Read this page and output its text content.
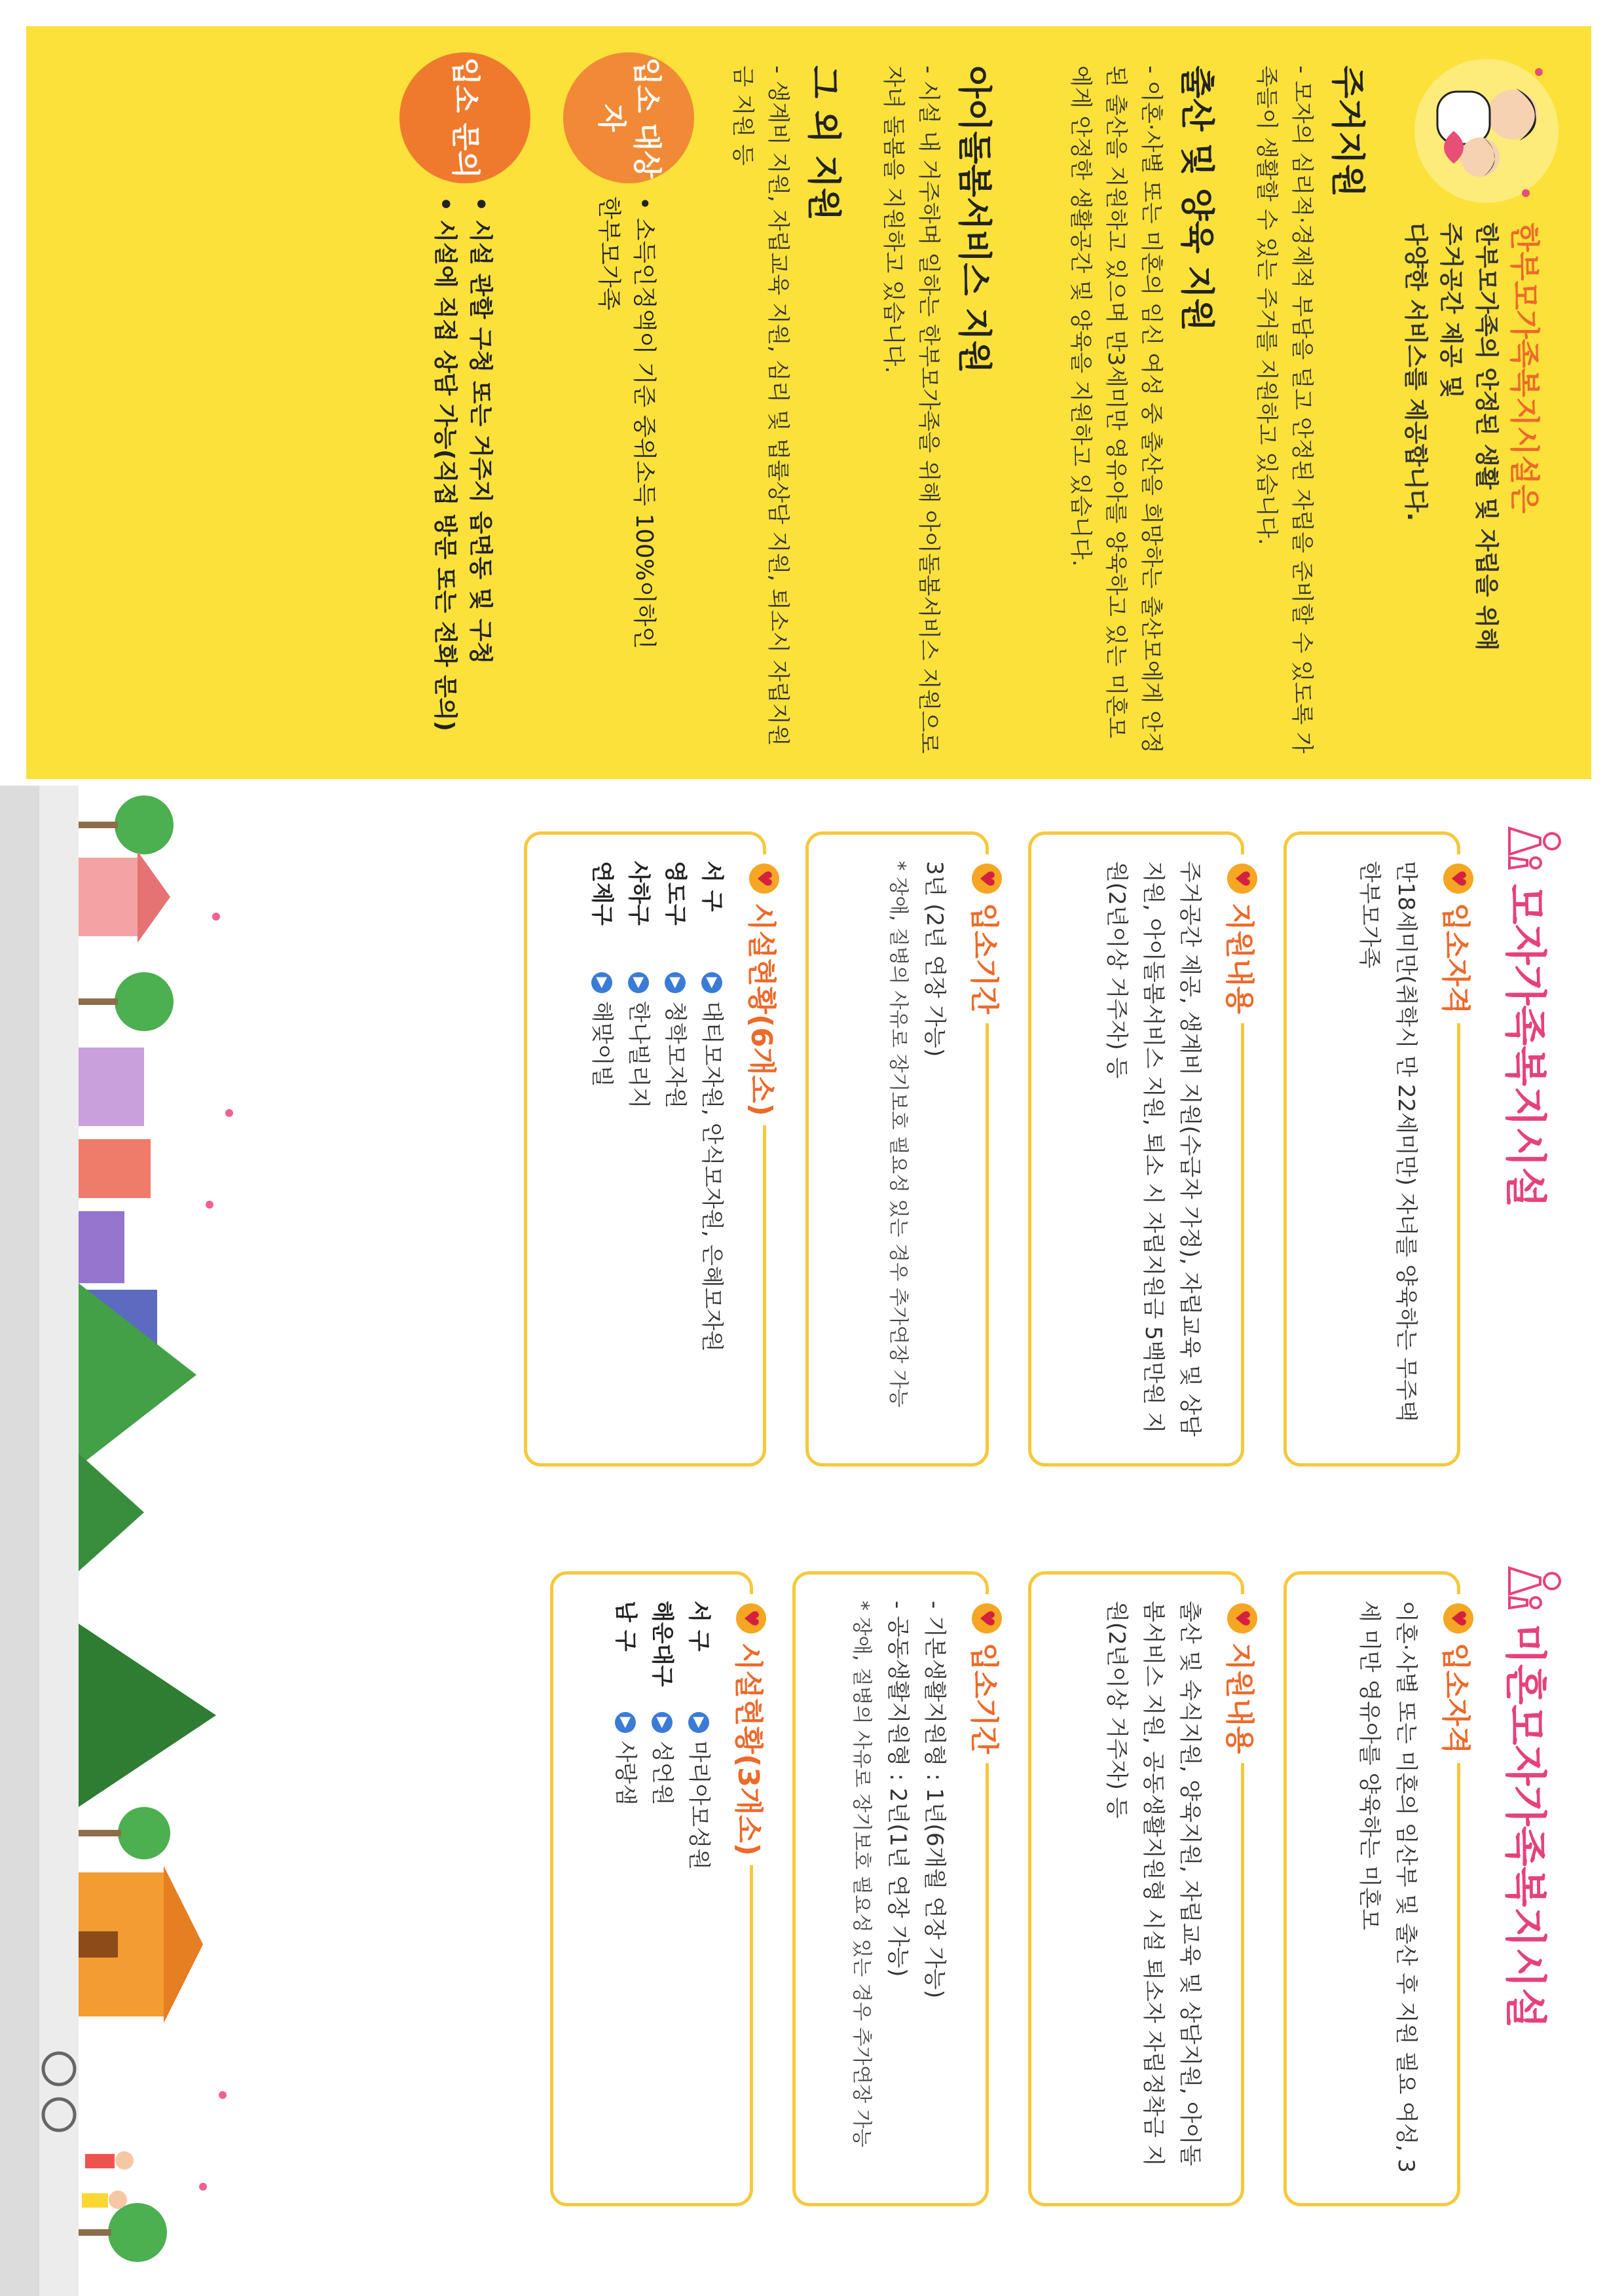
한부모가족복지시설은
한부모가족의 안정된 생활 및 자립을 위해
주거공간 제공 및
다양한 서비스를 제공합니다.
주거지원

- 모자의 심리적·경제적 부담을 덜고 안정된 자립을 준비할 수 있도록 가족들이 생활할 수 있는 주거를 지원하고 있습니다.

출산 및 양육 지원

- 이혼·사별 또는 미혼의 임신 여성 중 출산을 희망하는 출산모에게 안정된 출산을 지원하고 있으며 만3세미만 영유아를 양육하고 있는 미혼모에게 안정한 생활공간 및 양육을 지원하고 있습니다.

아이돌봄서비스 지원

- 시설 내 거주하며 일하는 한부모가족을 위해 아이돌봄서비스 지원으로 자녀 돌봄을 지원하고 있습니다.

그 외 지원

- 생계비 지원, 자립교육 지원, 심리 및 법률상담 지원, 퇴소시 자립지원금 지원 등

입소 대상자
• 소득인정액이 기준 중위소득 100%이하인
한부모가족
입소 문의
• 시설 관할 구청 또는 거주지 읍면동 및 구청
• 시설에 직접 상담 가능(직접 방문 또는 전화 문의)
모자가족복지시설
♥
입소자격
만18세미만(취학시 만 22세미만) 자녀를 양육하는 무주택 한부모가족
♥
지원내용
주거공간 제공, 생계비 지원(수급자 가정), 자립교육 및 상담지원, 아이돌봄서비스 지원, 퇴소 시 자립지원금 5백만원 지원(2년이상 거주자) 등
♥
입소기간
3년 (2년 연장 가능)
* 장애, 질병의 사유로 장기보호 필요성 있는 경우 추가연장 가능
♥
시설현황(6개소)
서 구
▶
대티모자원, 안식모자원, 은혜모자원
영도구
▶
청학모자원
사하구
▶
한나빌리지
연제구
▶
해맞이빌
미혼모자가족복지시설
♥
입소자격
이혼·사별 또는 미혼의 임산부 및 출산 후 지원 필요 여성, 3세 미만 영유아를 양육하는 미혼모
♥
지원내용
출산 및 숙식지원, 양육지원, 자립교육 및 상담지원, 아이돌봄서비스 지원, 공동생활지원형 시설 퇴소자 자립정착금 지원(2년이상 거주자) 등
♥
입소기간
- 기본생활지원형 : 1년(6개월 연장 가능)
- 공동생활지원형 : 2년(1년 연장 가능)
* 장애, 질병의 사유로 장기보호 필요성 있는 경우 추가연장 가능
♥
시설현황(3개소)
서 구
▶
마리아모성원
해운대구
▶
성언원
남 구
▶
사랑샘
